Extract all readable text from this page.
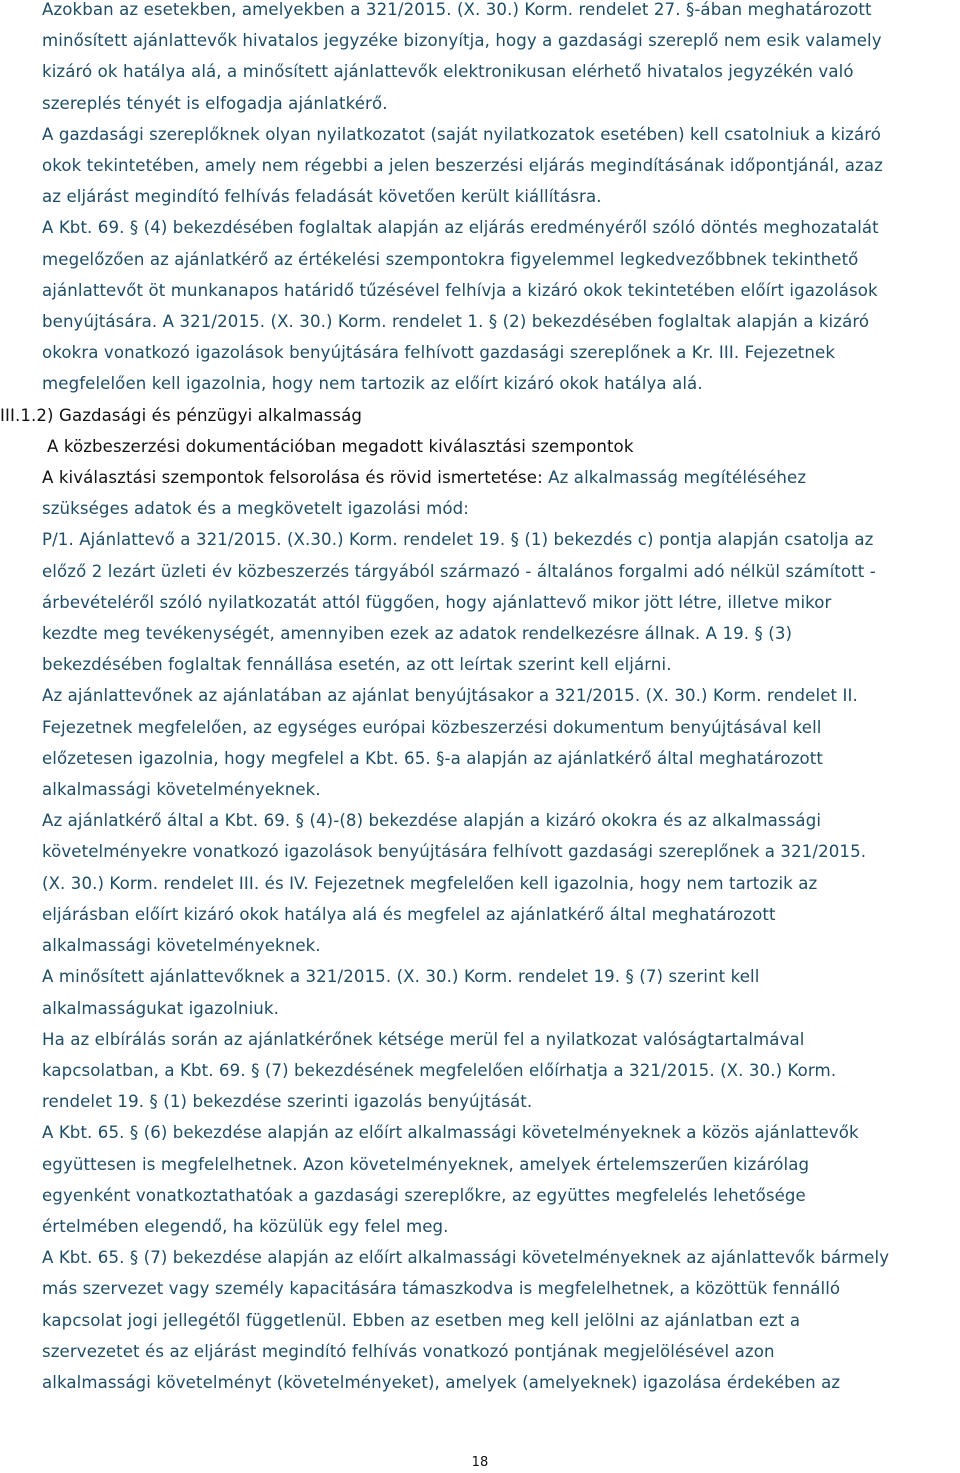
Azokban az esetekben, amelyekben a 321/2015. (X. 30.) Korm. rendelet 27. §-ában meghatározott
minősített ajánlattevők hivatalos jegyzéke bizonyítja, hogy a gazdasági szereplő nem esik valamely
kizáró ok hatálya alá, a minősített ajánlattevők elektronikusan elérhető hivatalos jegyzékén való
szereplés tényét is elfogadja ajánlatkérő.
A gazdasági szereplőknek olyan nyilatkozatot (saját nyilatkozatok esetében) kell csatolniuk a kizáró
okok tekintetében, amely nem régebbi a jelen beszerzési eljárás megindításának időpontjánál, azaz
az eljárást megindító felhívás feladását követően került kiállításra.
A Kbt. 69. § (4) bekezdésében foglaltak alapján az eljárás eredményéről szóló döntés meghozatalát
megelőzően az ajánlatkérő az értékelési szempontokra figyelemmel legkedvezőbbnek tekinthető
ajánlattevőt öt munkanapos határidő tűzésével felhívja a kizáró okok tekintetében előírt igazolások
benyújtására. A 321/2015. (X. 30.) Korm. rendelet 1. § (2) bekezdésében foglaltak alapján a kizáró
okokra vonatkozó igazolások benyújtására felhívott gazdasági szereplőnek a Kr. III. Fejezetnek
megfelelően kell igazolnia, hogy nem tartozik az előírt kizáró okok hatálya alá.
III.1.2) Gazdasági és pénzügyi alkalmasság
A közbeszerzési dokumentációban megadott kiválasztási szempontok
A kiválasztási szempontok felsorolása és rövid ismertetése: Az alkalmasság megítéléséhez
szükséges adatok és a megkövetelt igazolási mód:
P/1. Ajánlattevő a 321/2015. (X.30.) Korm. rendelet 19. § (1) bekezdés c) pontja alapján csatolja az
előző 2 lezárt üzleti év közbeszerzés tárgyából származó - általános forgalmi adó nélkül számított -
árbevételéről szóló nyilatkozatát attól függően, hogy ajánlattevő mikor jött létre, illetve mikor
kezdte meg tevékenységét, amennyiben ezek az adatok rendelkezésre állnak. A 19. § (3)
bekezdésében foglaltak fennállása esetén, az ott leírtak szerint kell eljárni.
Az ajánlattevőnek az ajánlatában az ajánlat benyújtásakor a 321/2015. (X. 30.) Korm. rendelet II.
Fejezetnek megfelelően, az egységes európai közbeszerzési dokumentum benyújtásával kell
előzetesen igazolnia, hogy megfelel a Kbt. 65. §-a alapján az ajánlatkérő által meghatározott
alkalmassági követelményeknek.
Az ajánlatkérő által a Kbt. 69. § (4)-(8) bekezdése alapján a kizáró okokra és az alkalmassági
követelményekre vonatkozó igazolások benyújtására felhívott gazdasági szereplőnek a 321/2015.
(X. 30.) Korm. rendelet III. és IV. Fejezetnek megfelelően kell igazolnia, hogy nem tartozik az
eljárásban előírt kizáró okok hatálya alá és megfelel az ajánlatkérő által meghatározott
alkalmassági követelményeknek.
A minősített ajánlattevőknek a 321/2015. (X. 30.) Korm. rendelet 19. § (7) szerint kell
alkalmasságukat igazolniuk.
Ha az elbírálás során az ajánlatkérőnek kétsége merül fel a nyilatkozat valóságtartalmával
kapcsolatban, a Kbt. 69. § (7) bekezdésének megfelelően előírhatja a 321/2015. (X. 30.) Korm.
rendelet 19. § (1) bekezdése szerinti igazolás benyújtását.
A Kbt. 65. § (6) bekezdése alapján az előírt alkalmassági követelményeknek a közös ajánlattevők
együttesen is megfelelhetnek. Azon követelményeknek, amelyek értelemszerűen kizárólag
egyenként vonatkoztathatóak a gazdasági szereplőkre, az együttes megfelelés lehetősége
értelmében elegendő, ha közülük egy felel meg.
A Kbt. 65. § (7) bekezdése alapján az előírt alkalmassági követelményeknek az ajánlattevők bármely
más szervezet vagy személy kapacitására támaszkodva is megfelelhetnek, a közöttük fennálló
kapcsolat jogi jellegétől függetlenül. Ebben az esetben meg kell jelölni az ajánlatban ezt a
szervezetet és az eljárást megindító felhívás vonatkozó pontjának megjelölésével azon
alkalmassági követelményt (követelményeket), amelyek (amelyeknek) igazolása érdekében az
18
